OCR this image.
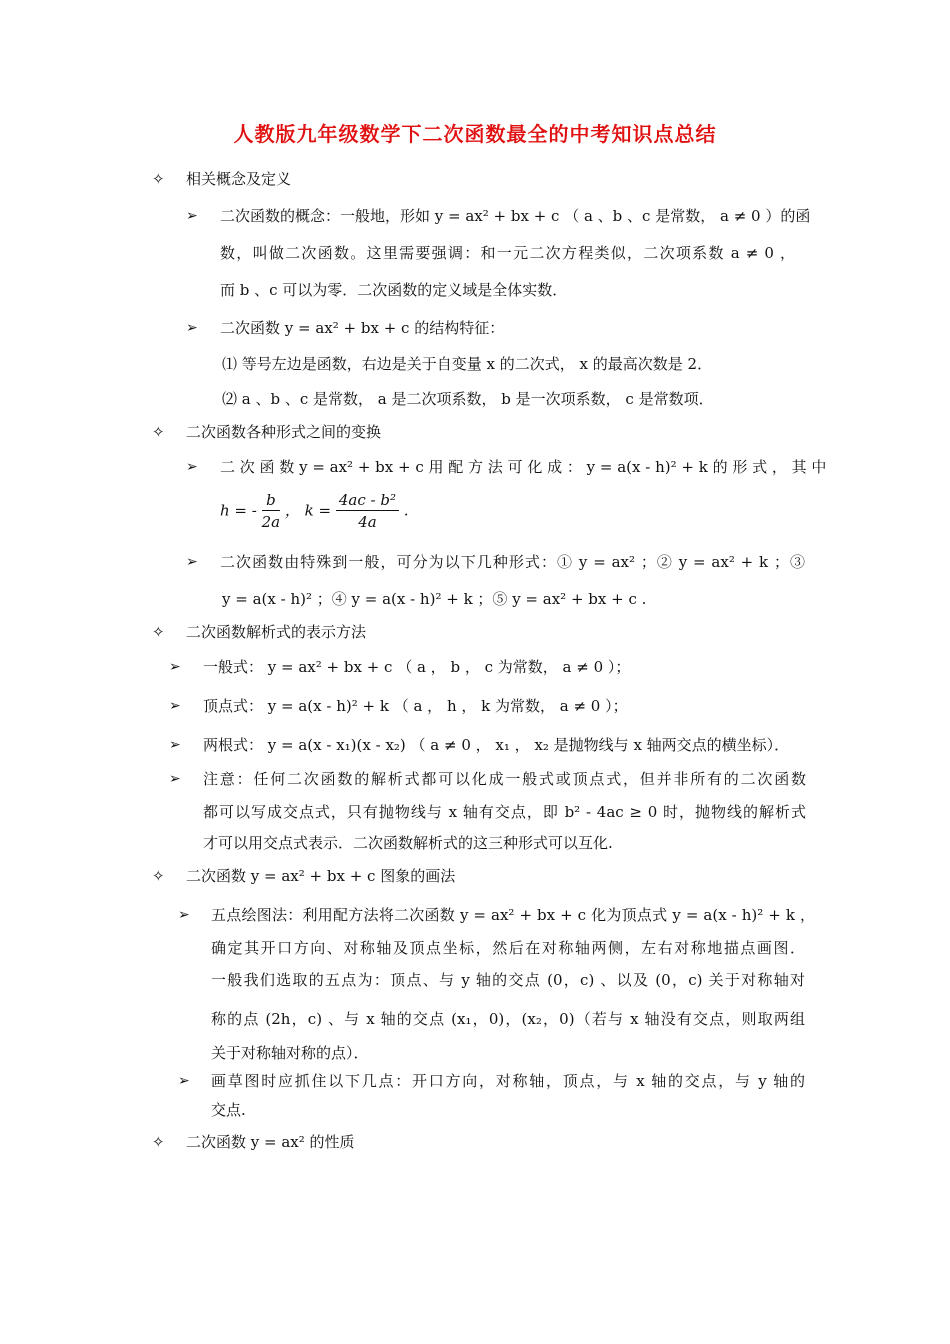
人教版九年级数学下二次函数最全的中考知识点总结
✧ 相关概念及定义
➢ 二次函数的概念：一般地，形如 y = ax² + bx + c （ a 、b 、c 是常数， a ≠ 0 ）的函
数，叫做二次函数。这里需要强调：和一元二次方程类似，二次项系数 a ≠ 0 ，
而 b 、c 可以为零．二次函数的定义域是全体实数．
➢ 二次函数 y = ax² + bx + c 的结构特征：
⑴ 等号左边是函数，右边是关于自变量 x 的二次式， x 的最高次数是 2．
⑵ a 、b 、c 是常数， a 是二次项系数， b 是一次项系数， c 是常数项．
✧ 二次函数各种形式之间的变换
➢ 二 次 函 数 y = ax² + bx + c 用 配 方 法 可 化 成 ： y = a(x - h)² + k 的 形 式 ， 其 中
h = - $\frac{b}{2a}$ ， $k = \frac{\text{4ac - b²}}{4a}$ .
➢ 二次函数由特殊到一般，可分为以下几种形式：① y = ax² ；② y = ax² + k ；③
y = a(x - h)² ；④ y = a(x - h)² + k ；⑤ y = ax² + bx + c .
✧ 二次函数解析式的表示方法
➢ 一般式： y = ax² + bx + c （ a ， b ， c 为常数， a ≠ 0 ）；
➢ 顶点式： y = a(x - h)² + k （ a ， h ， k 为常数， a ≠ 0 ）；
➢ 两根式： y = a(x - x₁)(x - x₂) （ a ≠ 0 ， x₁ ， x₂ 是抛物线与 x 轴两交点的横坐标）．
➢ 注意：任何二次函数的解析式都可以化成一般式或顶点式，但并非所有的二次函数
都可以写成交点式，只有抛物线与 x 轴有交点，即 b² - 4ac ≥ 0 时，抛物线的解析式
才可以用交点式表示．二次函数解析式的这三种形式可以互化.
✧ 二次函数 y = ax² + bx + c 图象的画法
➢ 五点绘图法：利用配方法将二次函数 y = ax² + bx + c 化为顶点式 y = a(x - h)² + k ，
确定其开口方向、对称轴及顶点坐标，然后在对称轴两侧，左右对称地描点画图．
一般我们选取的五点为：顶点、与 y 轴的交点 (0，c) 、以及 (0，c) 关于对称轴对
称的点 (2h，c) 、与 x 轴的交点 (x₁，0)，(x₂，0)（若与 x 轴没有交点，则取两组
关于对称轴对称的点）．
➢ 画草图时应抓住以下几点：开口方向，对称轴，顶点，与 x 轴的交点，与 y 轴的
交点.
✧ 二次函数 y = ax² 的性质
